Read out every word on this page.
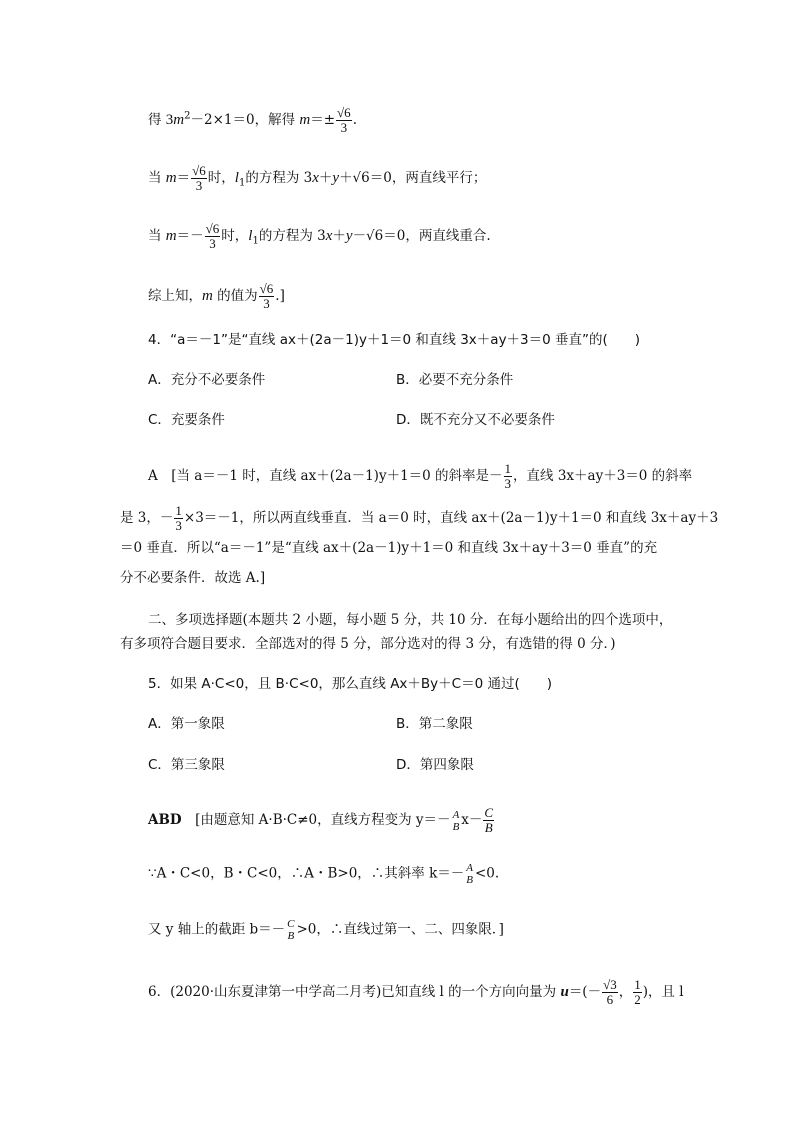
得 $3m^2-2\times 1=0$，解得 $m=\pm \frac{√6}{3}$ .
当 $m= \frac{√6}{3}$ 时，$l_1$的方程为 3x＋y＋√6＝0，两直线平行；
当 $m=- \frac{√6}{3}$ 时，$l_1$的方程为 3x＋y－√6＝0，两直线重合.
综上知，m 的值为 $\frac{√6}{3}$ .]
4．“a＝－1”是“直线 ax＋(2a－1)y＋1＝0 和直线 3x＋ay＋3＝0 垂直”的(　　)
A．充分不必要条件	B．必要不充分条件
C．充要条件	D．既不充分又不必要条件
A　[当 a＝－1 时，直线 ax＋(2a－1)y＋1＝0 的斜率是－ $\frac{1}{3}$ ，直线 3x＋ay＋3＝0 的斜率
是 3，－ $\frac{1}{3} \times 3=-1$，所以两直线垂直．当 a＝0 时，直线 ax＋(2a－1)y＋1＝0 和直线 3x＋ay＋3
＝0 垂直．所以“a＝－1”是“直线 ax＋(2a－1)y＋1＝0 和直线 3x＋ay＋3＝0 垂直”的充
分不必要条件．故选 A.]
二、多项选择题(本题共 2 小题，每小题 5 分，共 10 分．在每小题给出的四个选项中，
有多项符合题目要求．全部选对的得 5 分，部分选对的得 3 分，有选错的得 0 分．)
5．如果 A·C<0，且 B·C<0，那么直线 Ax＋By＋C＝0 通过(　　)
A．第一象限	B．第二象限
C．第三象限	D．第四象限
ABD　[由题意知 A·B·C≠0，直线方程变为 y＝－ A
B $x- \frac{C}{B}$
∵A・C<0，B・C<0，∴A・B>0，∴其斜率 k＝－ A
B <0.
又 y 轴上的截距 b＝－ C
B >0，∴直线过第一、二、四象限．]
6．(2020·山东夏津第一中学高二月考)已知直线 l 的一个方向向量为 $u=(- \frac{√3}{6}$ ， $\frac{1}{2}$ )，且 l
